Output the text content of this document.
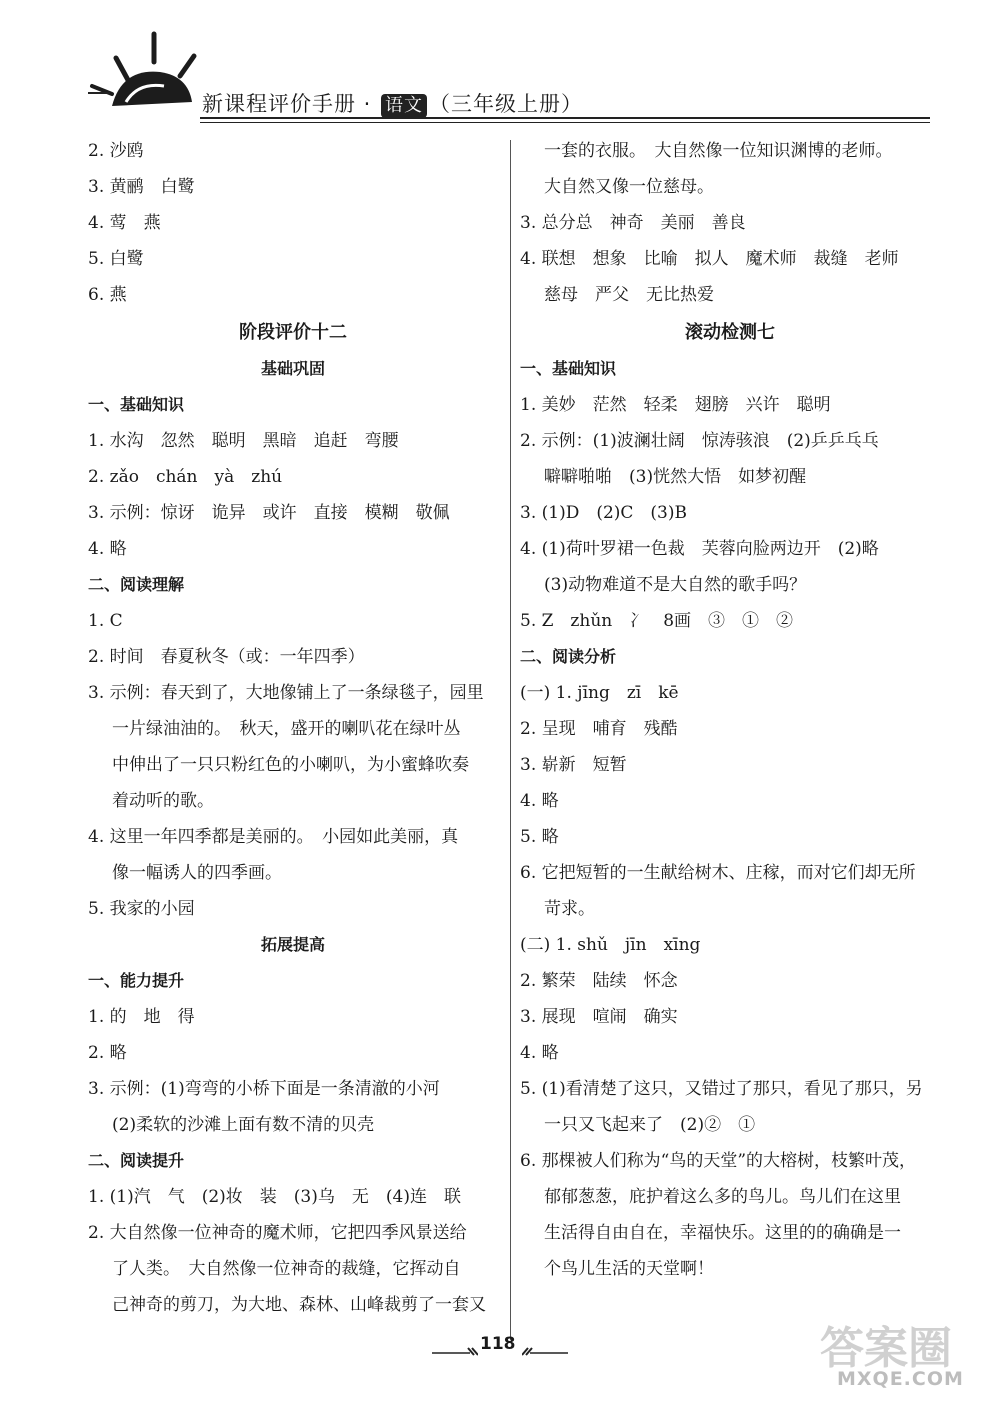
新课程评价手册 · 语文 （三年级上册）
2. 沙鸥
3. 黄鹂　白鹭
4. 莺　燕
5. 白鹭
6. 燕
阶段评价十二
基础巩固
一、基础知识
1. 水沟　忽然　聪明　黑暗　追赶　弯腰
2. zǎo　chán　yà　zhú
3. 示例：惊讶　诡异　或许　直接　模糊　敬佩
4. 略
二、阅读理解
1. C
2. 时间　春夏秋冬（或：一年四季）
3. 示例：春天到了，大地像铺上了一条绿毯子，园里
一片绿油油的。　秋天，盛开的喇叭花在绿叶丛
中伸出了一只只粉红色的小喇叭，为小蜜蜂吹奏
着动听的歌。
4. 这里一年四季都是美丽的。　小园如此美丽，真
像一幅诱人的四季画。
5. 我家的小园
拓展提高
一、能力提升
1. 的　地　得
2. 略
3. 示例：(1)弯弯的小桥下面是一条清澈的小河
(2)柔软的沙滩上面有数不清的贝壳
二、阅读提升
1. (1)汽　气　(2)妆　装　(3)乌　无　(4)连　联
2. 大自然像一位神奇的魔术师，它把四季风景送给
了人类。　大自然像一位神奇的裁缝，它挥动自
己神奇的剪刀，为大地、森林、山峰裁剪了一套又
一套的衣服。　大自然像一位知识渊博的老师。
大自然又像一位慈母。
3. 总分总　神奇　美丽　善良
4. 联想　想象　比喻　拟人　魔术师　裁缝　老师
慈母　严父　无比热爱
滚动检测七
一、基础知识
1. 美妙　茫然　轻柔　翅膀　兴许　聪明
2. 示例：(1)波澜壮阔　惊涛骇浪　(2)乒乒乓乓
噼噼啪啪　(3)恍然大悟　如梦初醒
3. (1)D　(2)C　(3)B
4. (1)荷叶罗裙一色裁　芙蓉向脸两边开　(2)略
(3)动物难道不是大自然的歌手吗？
5. Z　zhǔn　冫　8画　③　①　②
二、阅读分析
(一) 1. jīng　zī　kē
2. 呈现　哺育　残酷
3. 崭新　短暂
4. 略
5. 略
6. 它把短暂的一生献给树木、庄稼，而对它们却无所
苛求。
(二) 1. shǔ　jīn　xīng
2. 繁荣　陆续　怀念
3. 展现　喧闹　确实
4. 略
5. (1)看清楚了这只，又错过了那只，看见了那只，另
一只又飞起来了　(2)②　①
6. 那棵被人们称为“鸟的天堂”的大榕树，枝繁叶茂，
郁郁葱葱，庇护着这么多的鸟儿。鸟儿们在这里
生活得自由自在，幸福快乐。这里的的确确是一
个鸟儿生活的天堂啊！
118	答案圈
MXQE.COM
